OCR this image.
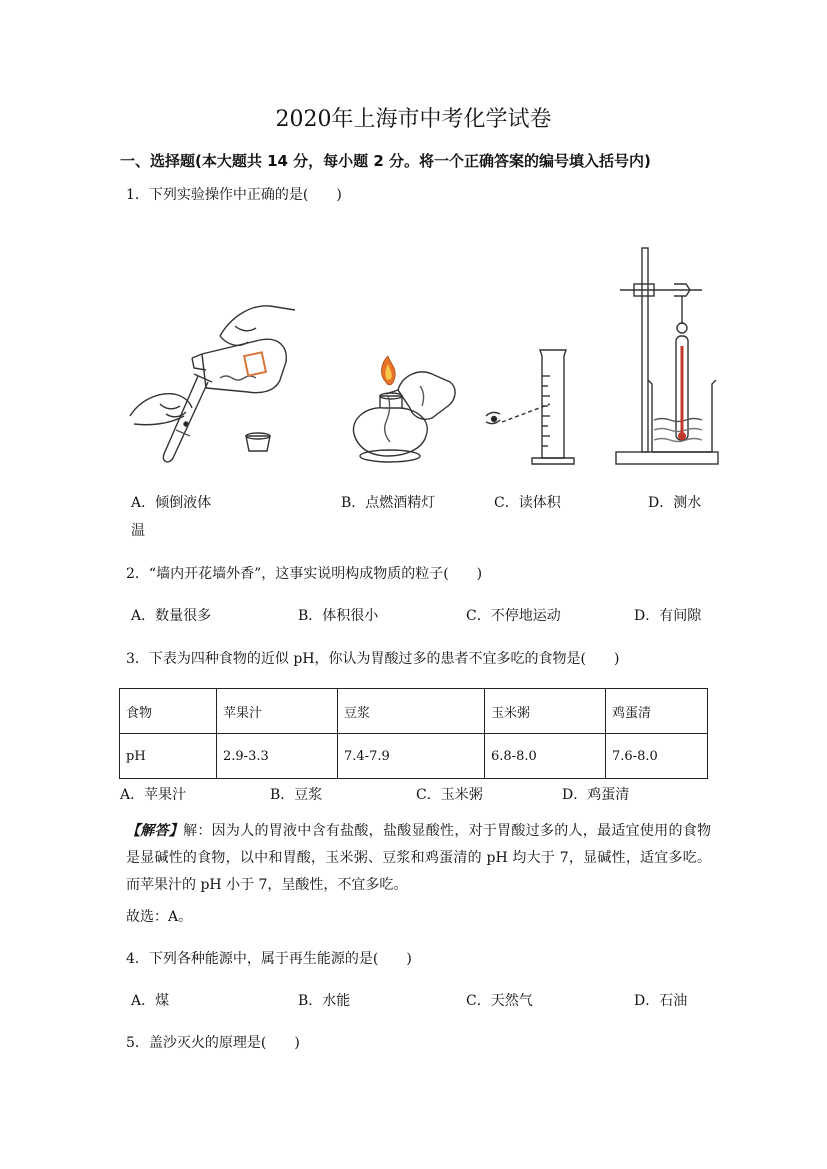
2020年上海市中考化学试卷
一、选择题(本大题共 14 分，每小题 2 分。将一个正确答案的编号填入括号内)
1．下列实验操作中正确的是(　　)
A．倾倒液体	B．点燃酒精灯	C．读体积	D．测水
温
2．“墙内开花墙外香”，这事实说明构成物质的粒子(　　)
A．数量很多	B．体积很小	C．不停地运动	D．有间隙
3．下表为四种食物的近似 pH，你认为胃酸过多的患者不宜多吃的食物是(　　)
食物	苹果汁	豆浆	玉米粥	鸡蛋清
pH	2.9-3.3	7.4-7.9	6.8-8.0	7.6-8.0
A．苹果汁	B．豆浆	C．玉米粥	D．鸡蛋清
【解答】解：因为人的胃液中含有盐酸，盐酸显酸性，对于胃酸过多的人，最适宜使用的食物是显碱性的食物，以中和胃酸，玉米粥、豆浆和鸡蛋清的 pH 均大于 7，显碱性，适宜多吃。而苹果汁的 pH 小于 7，呈酸性，不宜多吃。
故选：A。
4．下列各种能源中，属于再生能源的是(　　)
A．煤	B．水能	C．天然气	D．石油
5．盖沙灭火的原理是(　　)
